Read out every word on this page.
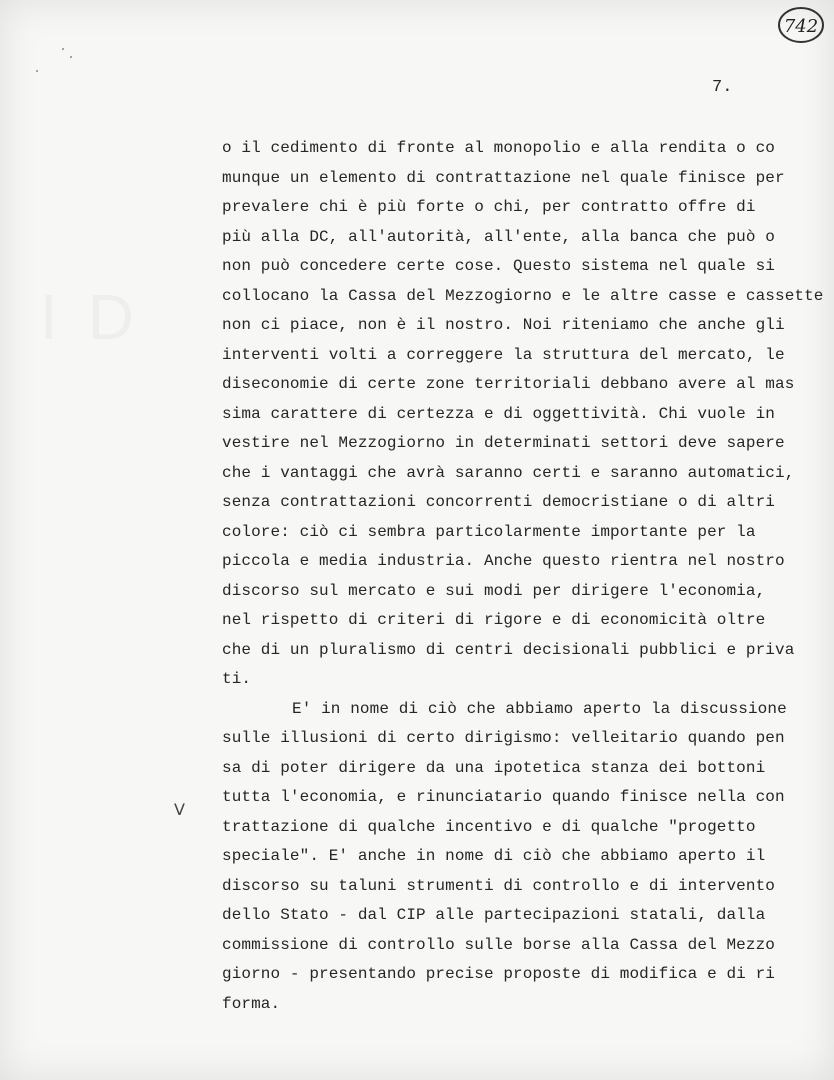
742
7.
V
o il cedimento di fronte al monopolio e alla rendita o co
munque un elemento di contrattazione nel quale finisce per
prevalere chi è più forte o chi, per contratto offre di
più alla DC, all'autorità, all'ente, alla banca che può o
non può concedere certe cose. Questo sistema nel quale si
collocano la Cassa del Mezzogiorno e le altre casse e cassette
non ci piace, non è il nostro. Noi riteniamo che anche gli
interventi volti a correggere la struttura del mercato, le
diseconomie di certe zone territoriali debbano avere al mas
sima carattere di certezza e di oggettività. Chi vuole in
vestire nel Mezzogiorno in determinati settori deve sapere
che i vantaggi che avrà saranno certi e saranno automatici,
senza contrattazioni concorrenti democristiane o di altri
colore: ciò ci sembra particolarmente importante per la
piccola e media industria. Anche questo rientra nel nostro
discorso sul mercato e sui modi per dirigere l'economia,
nel rispetto di criteri di rigore e di economicità oltre
che di un pluralismo di centri decisionali pubblici e priva
ti.
E' in nome di ciò che abbiamo aperto la discussione
sulle illusioni di certo dirigismo: velleitario quando pen
sa di poter dirigere da una ipotetica stanza dei bottoni
tutta l'economia, e rinunciatario quando finisce nella con
trattazione di qualche incentivo e di qualche "progetto
speciale". E' anche in nome di ciò che abbiamo aperto il
discorso su taluni strumenti di controllo e di intervento
dello Stato - dal CIP alle partecipazioni statali, dalla
commissione di controllo sulle borse alla Cassa del Mezzo
giorno - presentando precise proposte di modifica e di ri
forma.
